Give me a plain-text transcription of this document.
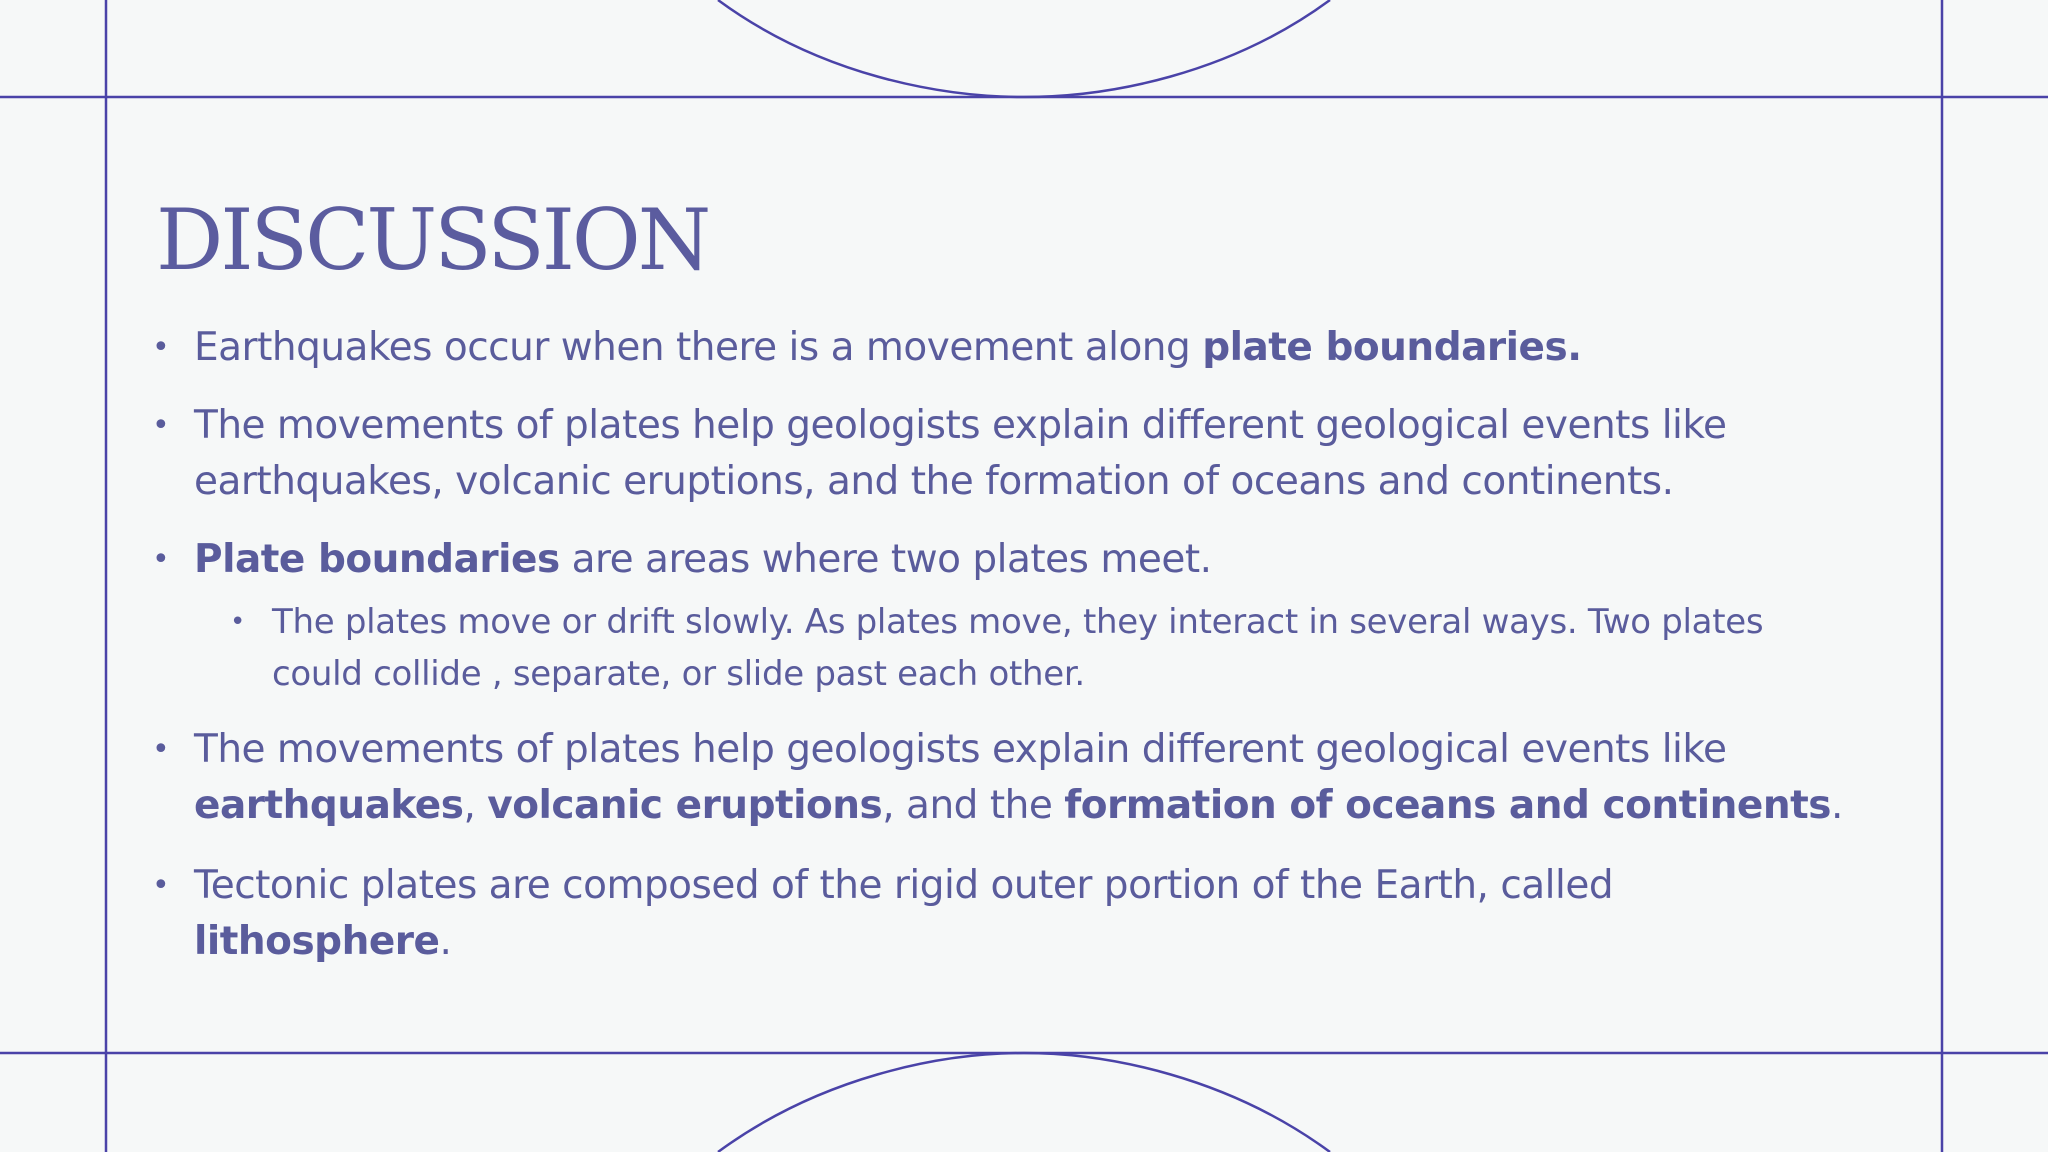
DISCUSSION
• Earthquakes occur when there is a movement along plate boundaries.
• The movements of plates help geologists explain different geological events like
earthquakes, volcanic eruptions, and the formation of oceans and continents.
• Plate boundaries are areas where two plates meet.
• The plates move or drift slowly. As plates move, they interact in several ways. Two plates
could collide , separate, or slide past each other.
• The movements of plates help geologists explain different geological events like
earthquakes, volcanic eruptions, and the formation of oceans and continents.
• Tectonic plates are composed of the rigid outer portion of the Earth, called
lithosphere.
